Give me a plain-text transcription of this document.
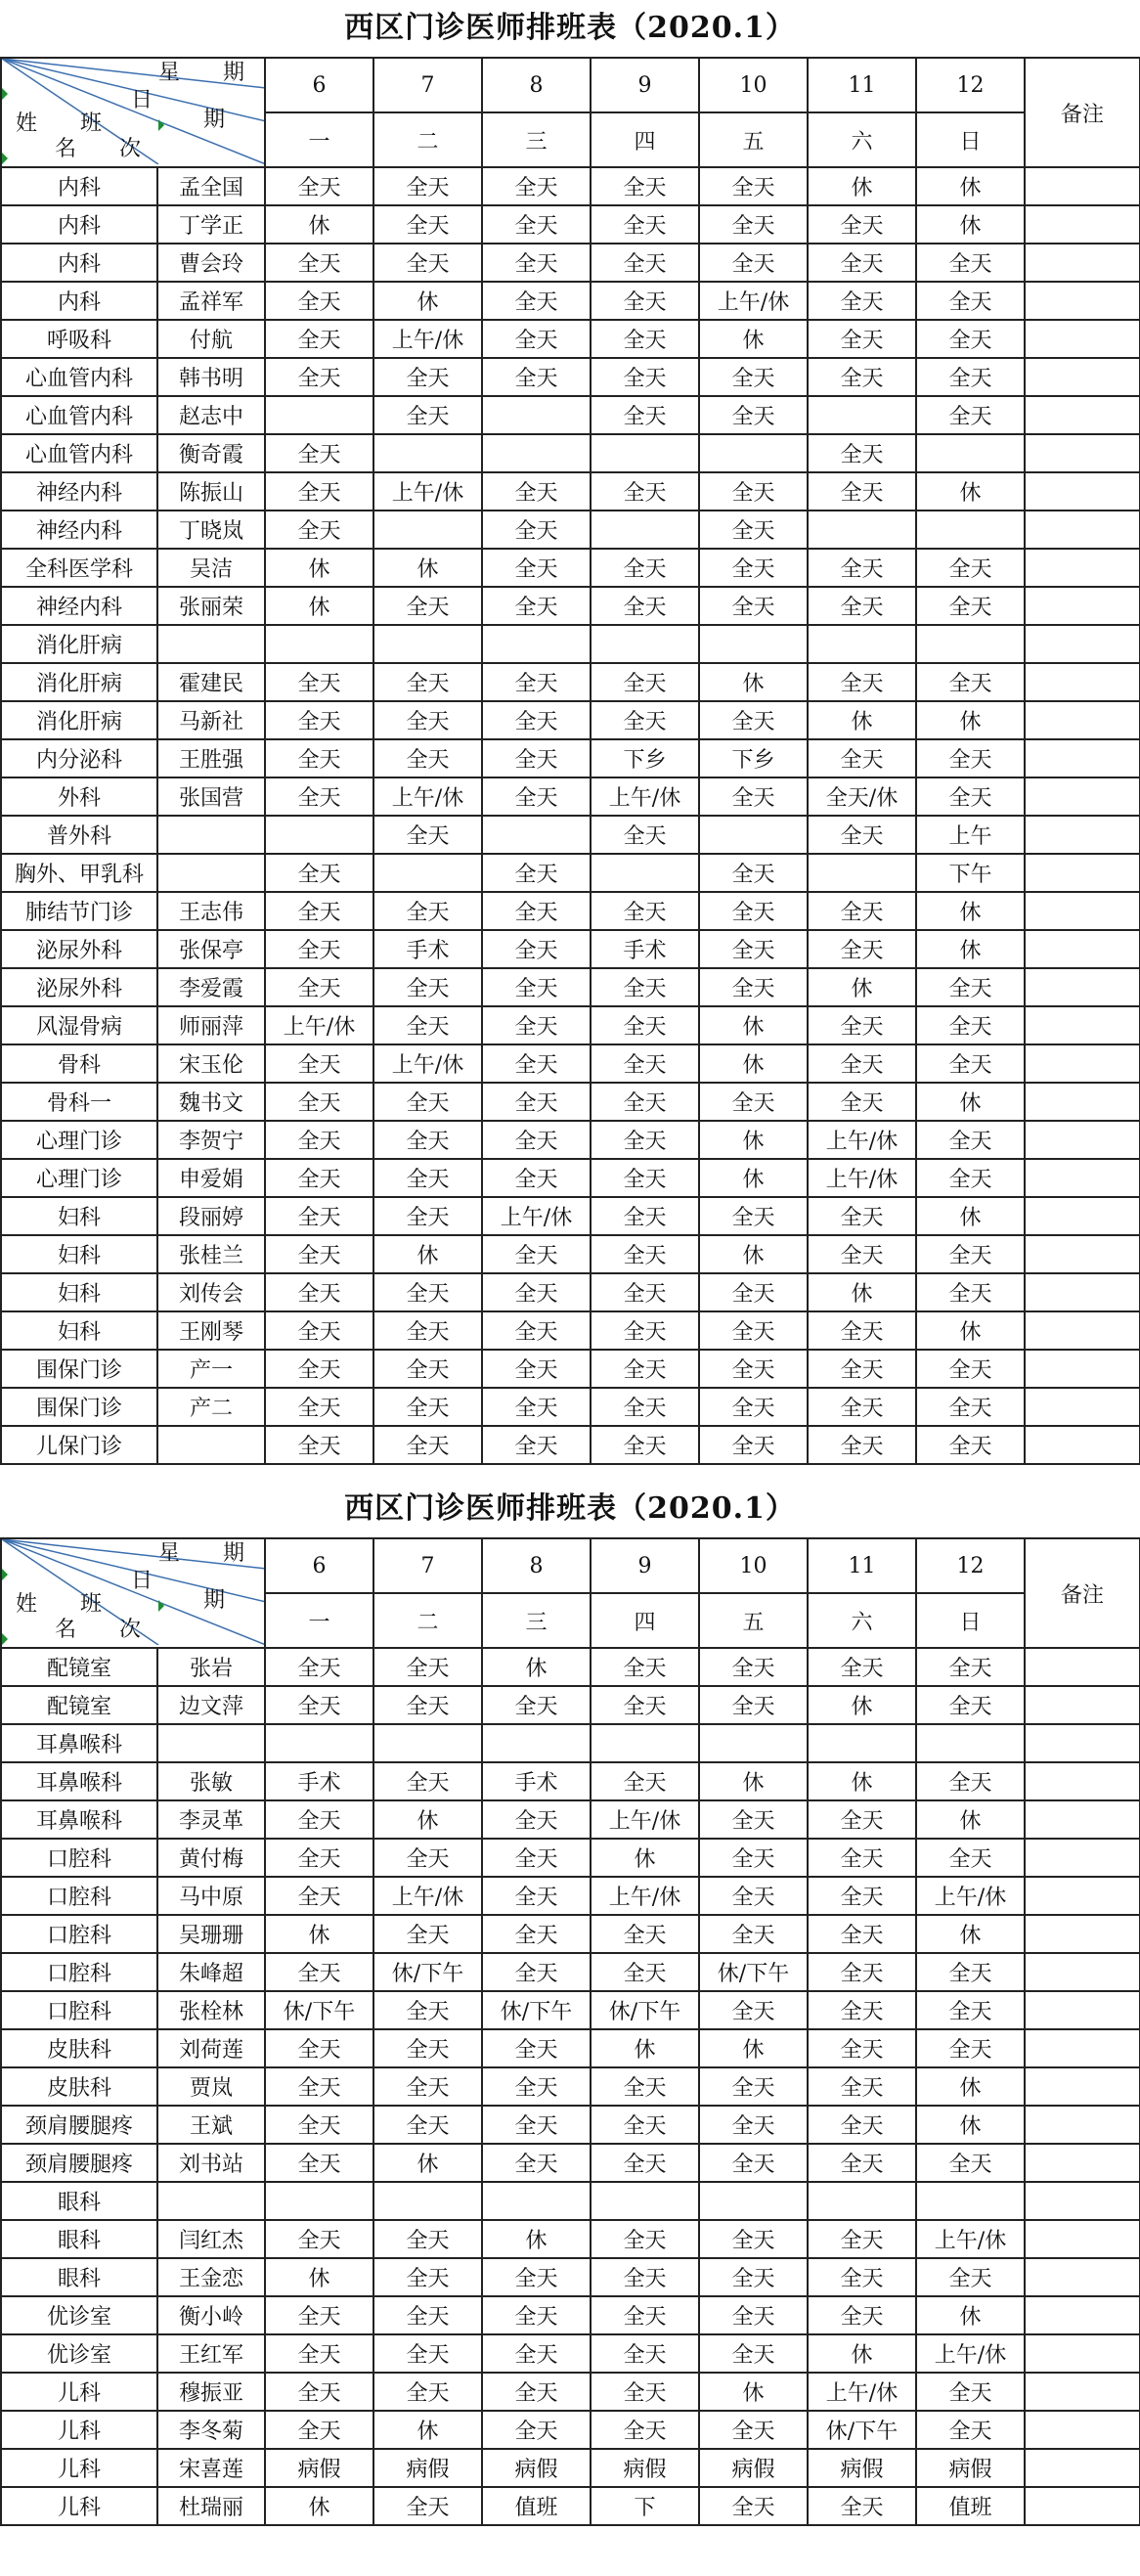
西区门诊医师排班表（2020.1）
星　　期
日
期
姓　　班
名　　次		6	7	8	9	10	11	12	备注
		一	二	三	四	五	六	日	
内科	孟全国	全天	全天	全天	全天	全天	休	休	
内科	丁学正	休	全天	全天	全天	全天	全天	休	
内科	曹会玲	全天	全天	全天	全天	全天	全天	全天	
内科	孟祥军	全天	休	全天	全天	上午/休	全天	全天	
呼吸科	付航	全天	上午/休	全天	全天	休	全天	全天	
心血管内科	韩书明	全天	全天	全天	全天	全天	全天	全天	
心血管内科	赵志中		全天		全天	全天		全天	
心血管内科	衡奇霞	全天					全天		
神经内科	陈振山	全天	上午/休	全天	全天	全天	全天	休	
神经内科	丁晓岚	全天		全天		全天			
全科医学科	吴洁	休	休	全天	全天	全天	全天	全天	
神经内科	张丽荣	休	全天	全天	全天	全天	全天	全天	
消化肝病									
消化肝病	霍建民	全天	全天	全天	全天	休	全天	全天	
消化肝病	马新社	全天	全天	全天	全天	全天	休	休	
内分泌科	王胜强	全天	全天	全天	下乡	下乡	全天	全天	
外科	张国营	全天	上午/休	全天	上午/休	全天	全天/休	全天	
普外科			全天		全天		全天	上午	
胸外、甲乳科		全天		全天		全天		下午	
肺结节门诊	王志伟	全天	全天	全天	全天	全天	全天	休	
泌尿外科	张保亭	全天	手术	全天	手术	全天	全天	休	
泌尿外科	李爱霞	全天	全天	全天	全天	全天	休	全天	
风湿骨病	师丽萍	上午/休	全天	全天	全天	休	全天	全天	
骨科	宋玉伦	全天	上午/休	全天	全天	休	全天	全天	
骨科一	魏书文	全天	全天	全天	全天	全天	全天	休	
心理门诊	李贺宁	全天	全天	全天	全天	休	上午/休	全天	
心理门诊	申爱娟	全天	全天	全天	全天	休	上午/休	全天	
妇科	段丽婷	全天	全天	上午/休	全天	全天	全天	休	
妇科	张桂兰	全天	休	全天	全天	休	全天	全天	
妇科	刘传会	全天	全天	全天	全天	全天	休	全天	
妇科	王刚琴	全天	全天	全天	全天	全天	全天	休	
围保门诊	产一	全天	全天	全天	全天	全天	全天	全天	
围保门诊	产二	全天	全天	全天	全天	全天	全天	全天	
儿保门诊		全天	全天	全天	全天	全天	全天	全天	
西区门诊医师排班表（2020.1）
星　　期
日
期
姓　　班
名　　次		6	7	8	9	10	11	12	备注
		一	二	三	四	五	六	日	
配镜室	张岩	全天	全天	休	全天	全天	全天	全天	
配镜室	边文萍	全天	全天	全天	全天	全天	休	全天	
耳鼻喉科									
耳鼻喉科	张敏	手术	全天	手术	全天	休	休	全天	
耳鼻喉科	李灵革	全天	休	全天	上午/休	全天	全天	休	
口腔科	黄付梅	全天	全天	全天	休	全天	全天	全天	
口腔科	马中原	全天	上午/休	全天	上午/休	全天	全天	上午/休	
口腔科	吴珊珊	休	全天	全天	全天	全天	全天	休	
口腔科	朱峰超	全天	休/下午	全天	全天	休/下午	全天	全天	
口腔科	张栓林	休/下午	全天	休/下午	休/下午	全天	全天	全天	
皮肤科	刘荷莲	全天	全天	全天	休	休	全天	全天	
皮肤科	贾岚	全天	全天	全天	全天	全天	全天	休	
颈肩腰腿疼	王斌	全天	全天	全天	全天	全天	全天	休	
颈肩腰腿疼	刘书站	全天	休	全天	全天	全天	全天	全天	
眼科									
眼科	闫红杰	全天	全天	休	全天	全天	全天	上午/休	
眼科	王金恋	休	全天	全天	全天	全天	全天	全天	
优诊室	衡小岭	全天	全天	全天	全天	全天	全天	休	
优诊室	王红军	全天	全天	全天	全天	全天	休	上午/休	
儿科	穆振亚	全天	全天	全天	全天	休	上午/休	全天	
儿科	李冬菊	全天	休	全天	全天	全天	休/下午	全天	
儿科	宋喜莲	病假	病假	病假	病假	病假	病假	病假	
儿科	杜瑞丽	休	全天	值班	下	全天	全天	值班	
